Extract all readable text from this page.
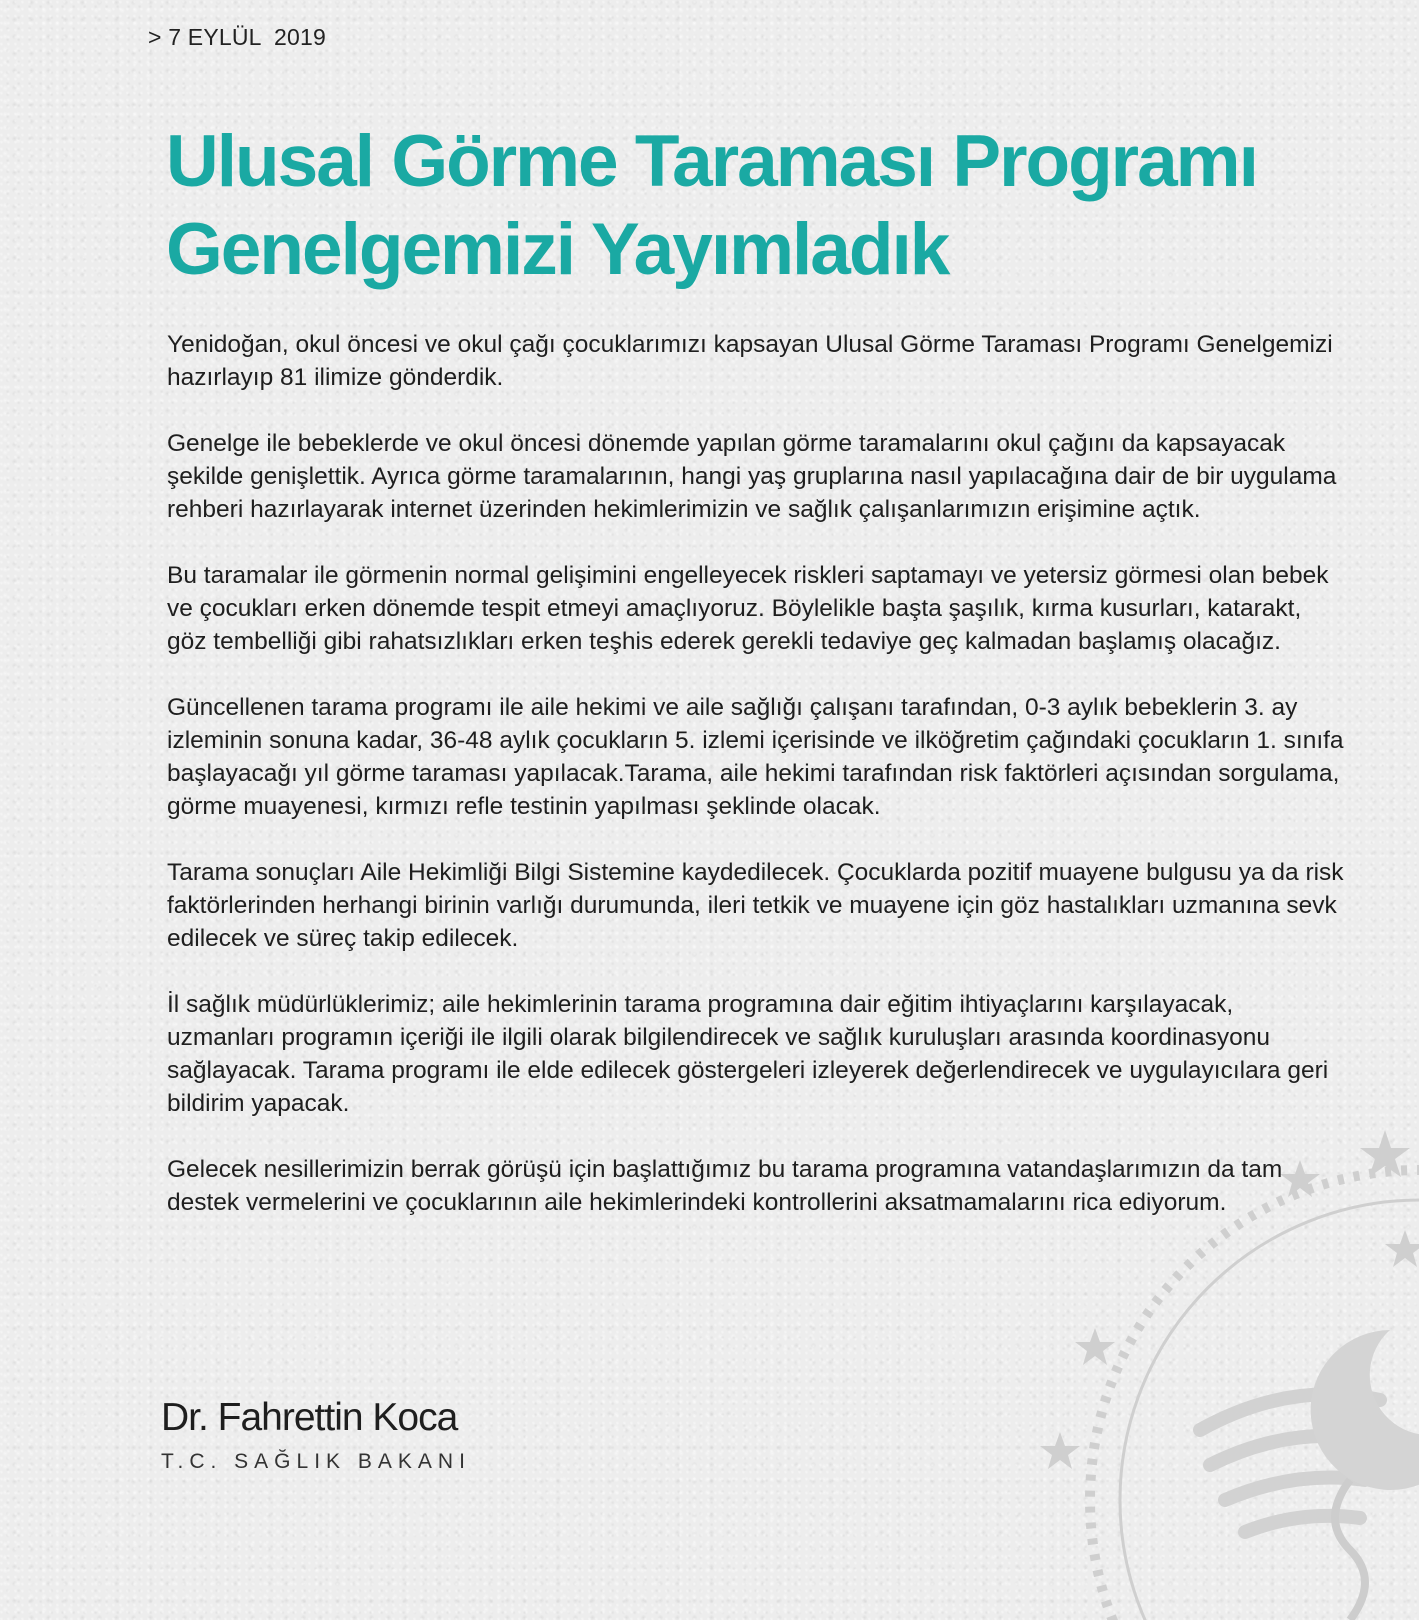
> 7 EYLÜL  2019
Ulusal Görme Taraması Programı
Genelgemizi Yayımladık

Yenidoğan, okul öncesi ve okul çağı çocuklarımızı kapsayan Ulusal Görme Taraması Programı Genelgemizi hazırlayıp 81 ilimize gönderdik.

Genelge ile bebeklerde ve okul öncesi dönemde yapılan görme taramalarını okul çağını da kapsayacak şekilde genişlettik. Ayrıca görme taramalarının, hangi yaş gruplarına nasıl yapılacağına dair de bir uygulama rehberi hazırlayarak internet üzerinden hekimlerimizin ve sağlık çalışanlarımızın erişimine açtık.

Bu taramalar ile görmenin normal gelişimini engelleyecek riskleri saptamayı ve yetersiz görmesi olan bebek ve çocukları erken dönemde tespit etmeyi amaçlıyoruz. Böylelikle başta şaşılık, kırma kusurları, katarakt, göz tembelliği gibi rahatsızlıkları erken teşhis ederek gerekli tedaviye geç kalmadan başlamış olacağız.

Güncellenen tarama programı ile aile hekimi ve aile sağlığı çalışanı tarafından, 0-3 aylık bebeklerin 3. ay izleminin sonuna kadar, 36-48 aylık çocukların 5. izlemi içerisinde ve ilköğretim çağındaki çocukların 1. sınıfa başlayacağı yıl görme taraması yapılacak.Tarama, aile hekimi tarafından risk faktörleri açısından sorgulama, görme muayenesi, kırmızı refle testinin yapılması şeklinde olacak.

Tarama sonuçları Aile Hekimliği Bilgi Sistemine kaydedilecek. Çocuklarda pozitif muayene bulgusu ya da risk faktörlerinden herhangi birinin varlığı durumunda, ileri tetkik ve muayene için göz hastalıkları uzmanına sevk edilecek ve süreç takip edilecek.

İl sağlık müdürlüklerimiz; aile hekimlerinin tarama programına dair eğitim ihtiyaçlarını karşılayacak, uzmanları programın içeriği ile ilgili olarak bilgilendirecek ve sağlık kuruluşları arasında koordinasyonu sağlayacak. Tarama programı ile elde edilecek göstergeleri izleyerek değerlendirecek ve uygulayıcılara geri bildirim yapacak.

Gelecek nesillerimizin berrak görüşü için başlattığımız bu tarama programına vatandaşlarımızın da tam destek vermelerini ve çocuklarının aile hekimlerindeki kontrollerini aksatmamalarını rica ediyorum.

Dr. Fahrettin Koca
T.C. SAĞLIK BAKANI
